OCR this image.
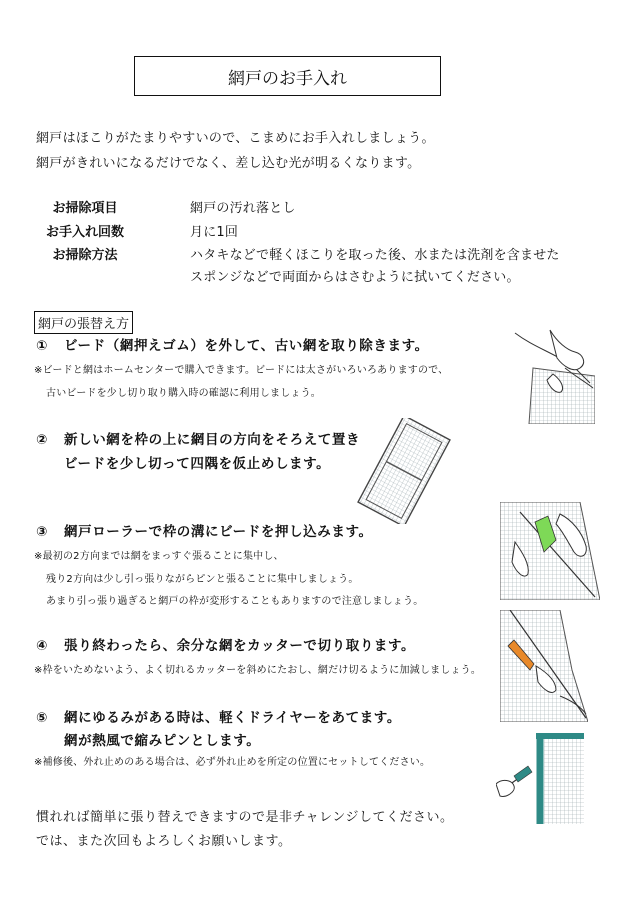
網戸のお手入れ
網戸はほこりがたまりやすいので、こまめにお手入れしましょう。
網戸がきれいになるだけでなく、差し込む光が明るくなります。
お掃除項目	網戸の汚れ落とし
お手入れ回数	月に1回
お掃除方法	ハタキなどで軽くほこりを取った後、水または洗剤を含ませた
スポンジなどで両面からはさむように拭いてください。
網戸の張替え方
① ビード（網押えゴム）を外して、古い網を取り除きます。
※ビードと網はホームセンターで購入できます。ビードには太さがいろいろありますので、
古いビードを少し切り取り購入時の確認に利用しましょう。
② 新しい網を枠の上に網目の方向をそろえて置き
ビードを少し切って四隅を仮止めします。
③ 網戸ローラーで枠の溝にビードを押し込みます。
※最初の2方向までは網をまっすぐ張ることに集中し、
残り2方向は少し引っ張りながらピンと張ることに集中しましょう。
あまり引っ張り過ぎると網戸の枠が変形することもありますので注意しましょう。
④ 張り終わったら、余分な網をカッターで切り取ります。
※枠をいためないよう、よく切れるカッターを斜めにたおし、網だけ切るように加減しましょう。
⑤ 網にゆるみがある時は、軽くドライヤーをあてます。
網が熱風で縮みピンとします。
※補修後、外れ止めのある場合は、必ず外れ止めを所定の位置にセットしてください。
慣れれば簡単に張り替えできますので是非チャレンジしてください。
では、また次回もよろしくお願いします。
